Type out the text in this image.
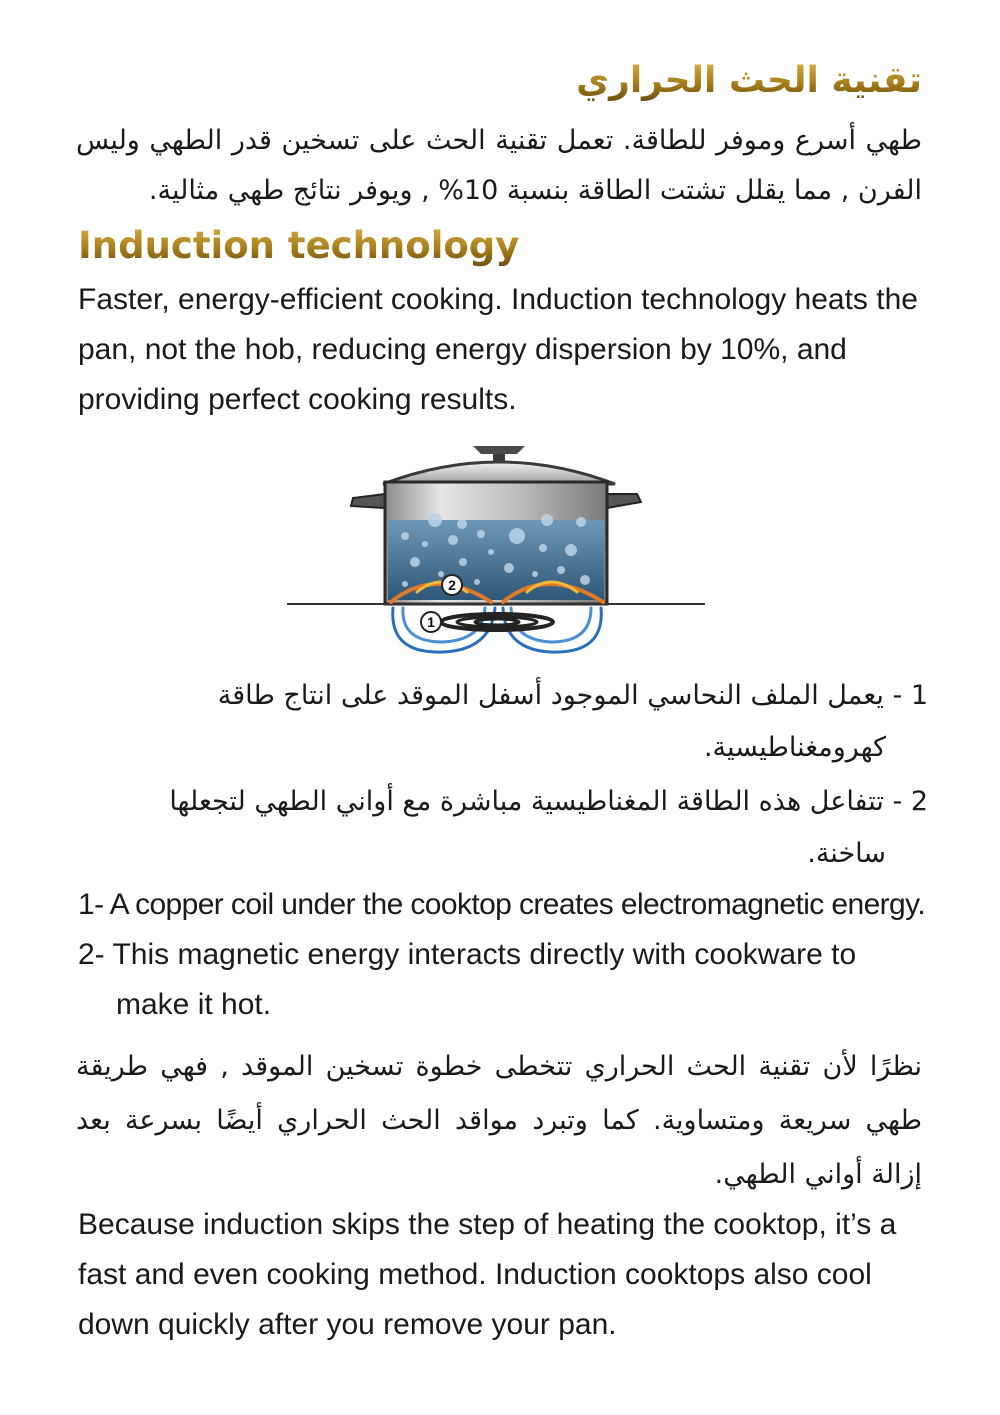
تقنية الحث الحراري
طهي أسرع وموفر للطاقة. تعمل تقنية الحث على تسخين قدر الطهي وليس الفرن , مما يقلل تشتت الطاقة بنسبة 10% , ويوفر نتائج طهي مثالية.
Induction technology
Faster, energy-efficient cooking. Induction technology heats the pan, not the hob, reducing energy dispersion by 10%, and providing perfect cooking results.
2
1
1 - يعمل الملف النحاسي الموجود أسفل الموقد على انتاج طاقة
كهرومغناطيسية.
2 - تتفاعل هذه الطاقة المغناطيسية مباشرة مع أواني الطهي لتجعلها
ساخنة.
1- A copper coil under the cooktop creates electromagnetic energy.
2- This magnetic energy interacts directly with cookware to
make it hot.
نظرًا لأن تقنية الحث الحراري تتخطى خطوة تسخين الموقد , فهي طريقة طهي سريعة ومتساوية. كما وتبرد مواقد الحث الحراري أيضًا بسرعة بعد إزالة أواني الطهي.
Because induction skips the step of heating the cooktop, it’s a fast and even cooking method. Induction cooktops also cool down quickly after you remove your pan.
